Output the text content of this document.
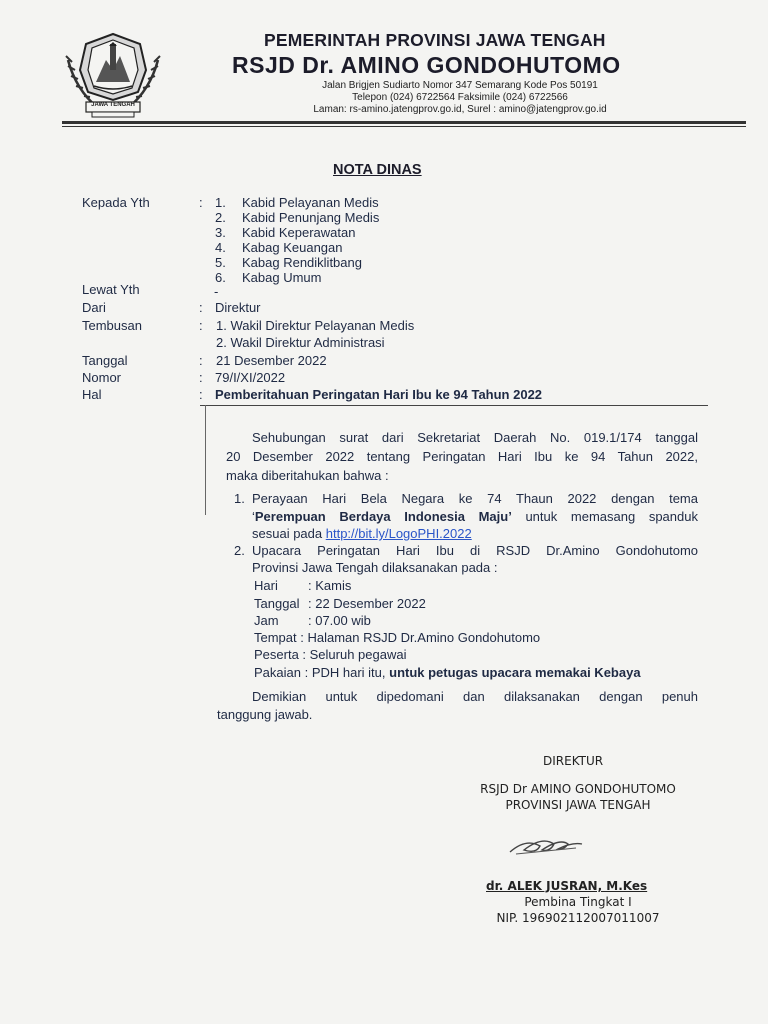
JAWA TENGAH
PEMERINTAH PROVINSI JAWA TENGAH
RSJD Dr. AMINO GONDOHUTOMO
Jalan Brigjen Sudiarto Nomor 347 Semarang Kode Pos 50191
Telepon (024) 6722564 Faksimile (024) 6722566
Laman: rs-amino.jatengprov.go.id, Surel : amino@jatengprov.go.id
NOTA DINAS
Kepada Yth	: 1. Kabid Pelayanan Medis
2. Kabid Penunjang Medis
3. Kabid Keperawatan
4. Kabag Keuangan
5. Kabag Rendiklitbang
6. Kabag Umum
Lewat Yth	-
Dari	: Direktur
Tembusan	: 1. Wakil Direktur Pelayanan Medis
2. Wakil Direktur Administrasi
Tanggal	: 21 Desember 2022
Nomor	: 79/I/XI/2022
Hal	: Pemberitahuan Peringatan Hari Ibu ke 94 Tahun 2022
Sehubungan surat dari Sekretariat Daerah No. 019.1/174 tanggal
20 Desember 2022 tentang Peringatan Hari Ibu ke 94 Tahun 2022,
maka diberitahukan bahwa :
1. Perayaan Hari Bela Negara ke 74 Thaun 2022 dengan tema
‘Perempuan Berdaya Indonesia Maju’ untuk memasang spanduk
sesuai pada http://bit.ly/LogoPHI.2022
2. Upacara Peringatan Hari Ibu di RSJD Dr.Amino Gondohutomo
Provinsi Jawa Tengah dilaksanakan pada :
Hari : Kamis
Tanggal : 22 Desember 2022
Jam : 07.00 wib
Tempat : Halaman RSJD Dr.Amino Gondohutomo
Peserta : Seluruh pegawai
Pakaian : PDH hari itu, untuk petugas upacara memakai Kebaya
Demikian untuk dipedomani dan dilaksanakan dengan penuh
tanggung jawab.
DIREKTUR
RSJD Dr AMINO GONDOHUTOMO
PROVINSI JAWA TENGAH
dr. ALEK JUSRAN, M.Kes
Pembina Tingkat I
NIP. 196902112007011007
